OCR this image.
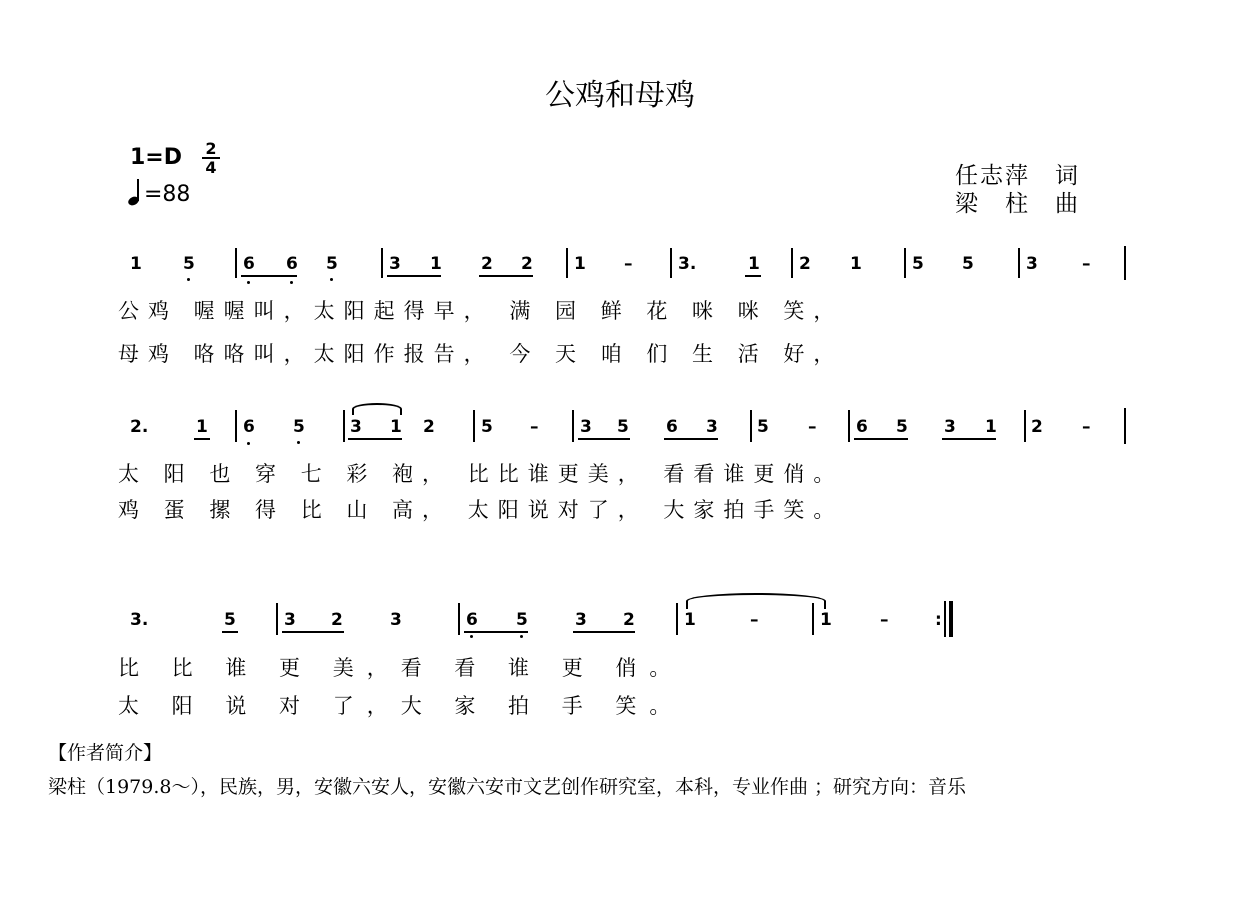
公鸡和母鸡
$1=D \frac{2}{4}$
=88
任志萍　词
梁　柱　曲
1 5	6 6 5	3 1 2 2 1 –	3.	1 2 1	5 5	3	–
公鸡 喔喔叫，太阳起得早， 满 园 鲜 花 咪 咪 笑，
母鸡 咯咯叫，太阳作报告， 今 天 咱 们 生 活 好，
2.	1 6 5	3 1 2	5 – 3 5 6 3 5 – 6 5 3 1 2 –
太 阳 也 穿 七 彩 袍， 比比谁更美， 看看谁更俏。
鸡 蛋 摞 得 比 山 高， 太阳说对了， 大家拍手笑。
3.	5	3 2	3	6 5	3 2	1	–	1	–	:
比 比 谁 更 美，看 看 谁 更 俏。
太 阳 说 对 了，大 家 拍 手 笑。
【作者简介】
梁柱（1979.8～），民族，男，安徽六安人，安徽六安市文艺创作研究室，本科，专业作曲 ；研究方向：音乐
